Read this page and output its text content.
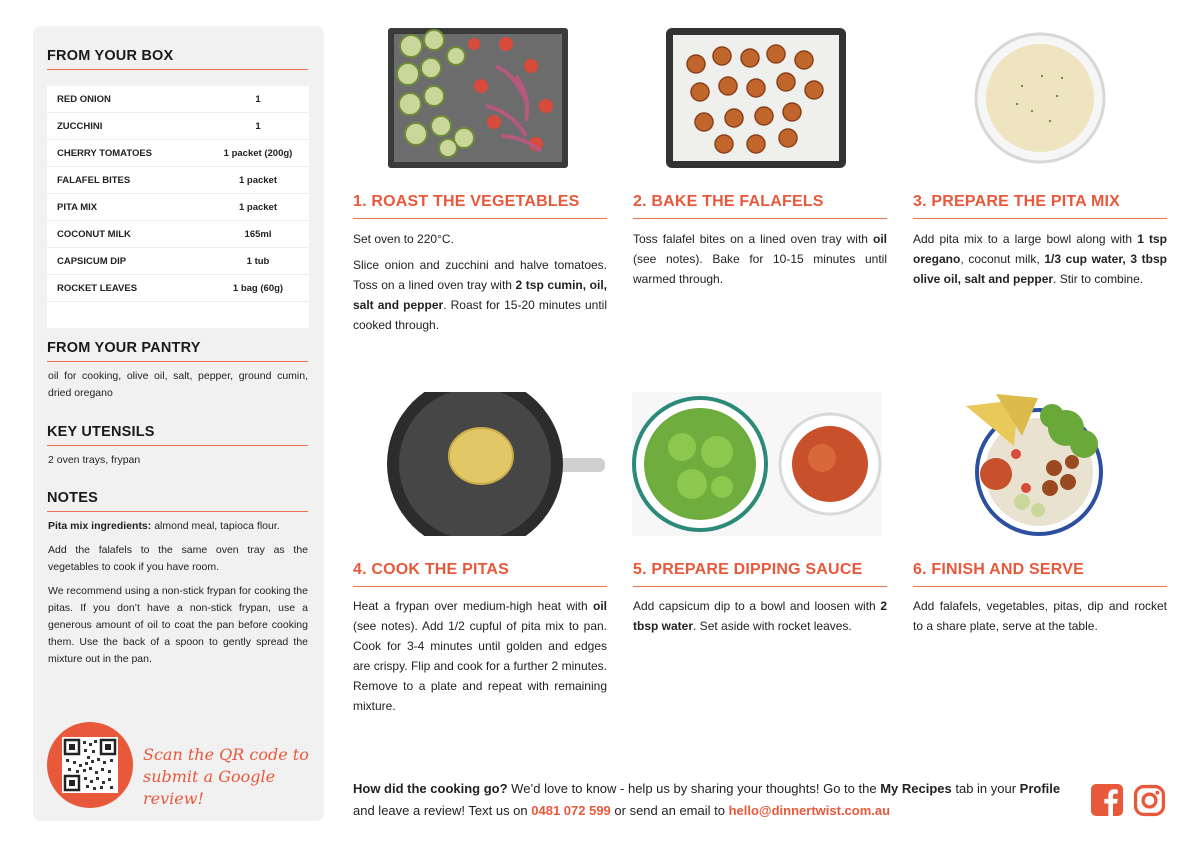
FROM YOUR BOX
RED ONION	1
ZUCCHINI	1
CHERRY TOMATOES	1 packet (200g)
FALAFEL BITES	1 packet
PITA MIX	1 packet
COCONUT MILK	165ml
CAPSICUM DIP	1 tub
ROCKET LEAVES	1 bag (60g)

FROM YOUR PANTRY
oil for cooking, olive oil, salt, pepper, ground cumin, dried oregano
KEY UTENSILS
2 oven trays, frypan
NOTES

Pita mix ingredients: almond meal, tapioca flour.

Add the falafels to the same oven tray as the vegetables to cook if you have room.

We recommend using a non-stick frypan for cooking the pitas. If you don’t have a non-stick frypan, use a generous amount of oil to coat the pan before cooking them. Use the back of a spoon to gently spread the mixture out in the pan.

Scan the QR code to
submit a Google review!
1. ROAST THE VEGETABLES

Set oven to 220°C.

Slice onion and zucchini and halve tomatoes. Toss on a lined oven tray with 2 tsp cumin, oil, salt and pepper. Roast for 15-20 minutes until cooked through.

2. BAKE THE FALAFELS

Toss falafel bites on a lined oven tray with oil (see notes). Bake for 10-15 minutes until warmed through.

3. PREPARE THE PITA MIX

Add pita mix to a large bowl along with 1 tsp oregano, coconut milk, 1/3 cup water, 3 tbsp olive oil, salt and pepper. Stir to combine.

4. COOK THE PITAS

Heat a frypan over medium-high heat with oil (see notes). Add 1/2 cupful of pita mix to pan. Cook for 3-4 minutes until golden and edges are crispy. Flip and cook for a further 2 minutes. Remove to a plate and repeat with remaining mixture.

5. PREPARE DIPPING SAUCE

Add capsicum dip to a bowl and loosen with 2 tbsp water. Set aside with rocket leaves.

6. FINISH AND SERVE

Add falafels, vegetables, pitas, dip and rocket to a share plate, serve at the table.

How did the cooking go? We’d love to know - help us by sharing your thoughts! Go to the My Recipes tab in your Profile and leave a review! Text us on 0481 072 599 or send an email to hello@dinnertwist.com.au
